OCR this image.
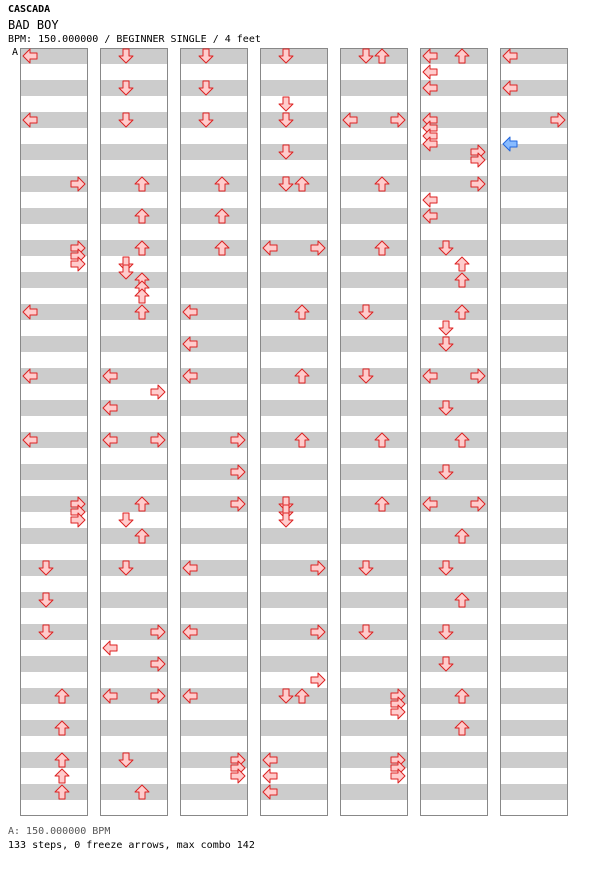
CASCADA
BAD BOY
BPM: 150.000000 / BEGINNER SINGLE / 4 feet
A
A: 150.000000 BPM
133 steps, 0 freeze arrows, max combo 142
